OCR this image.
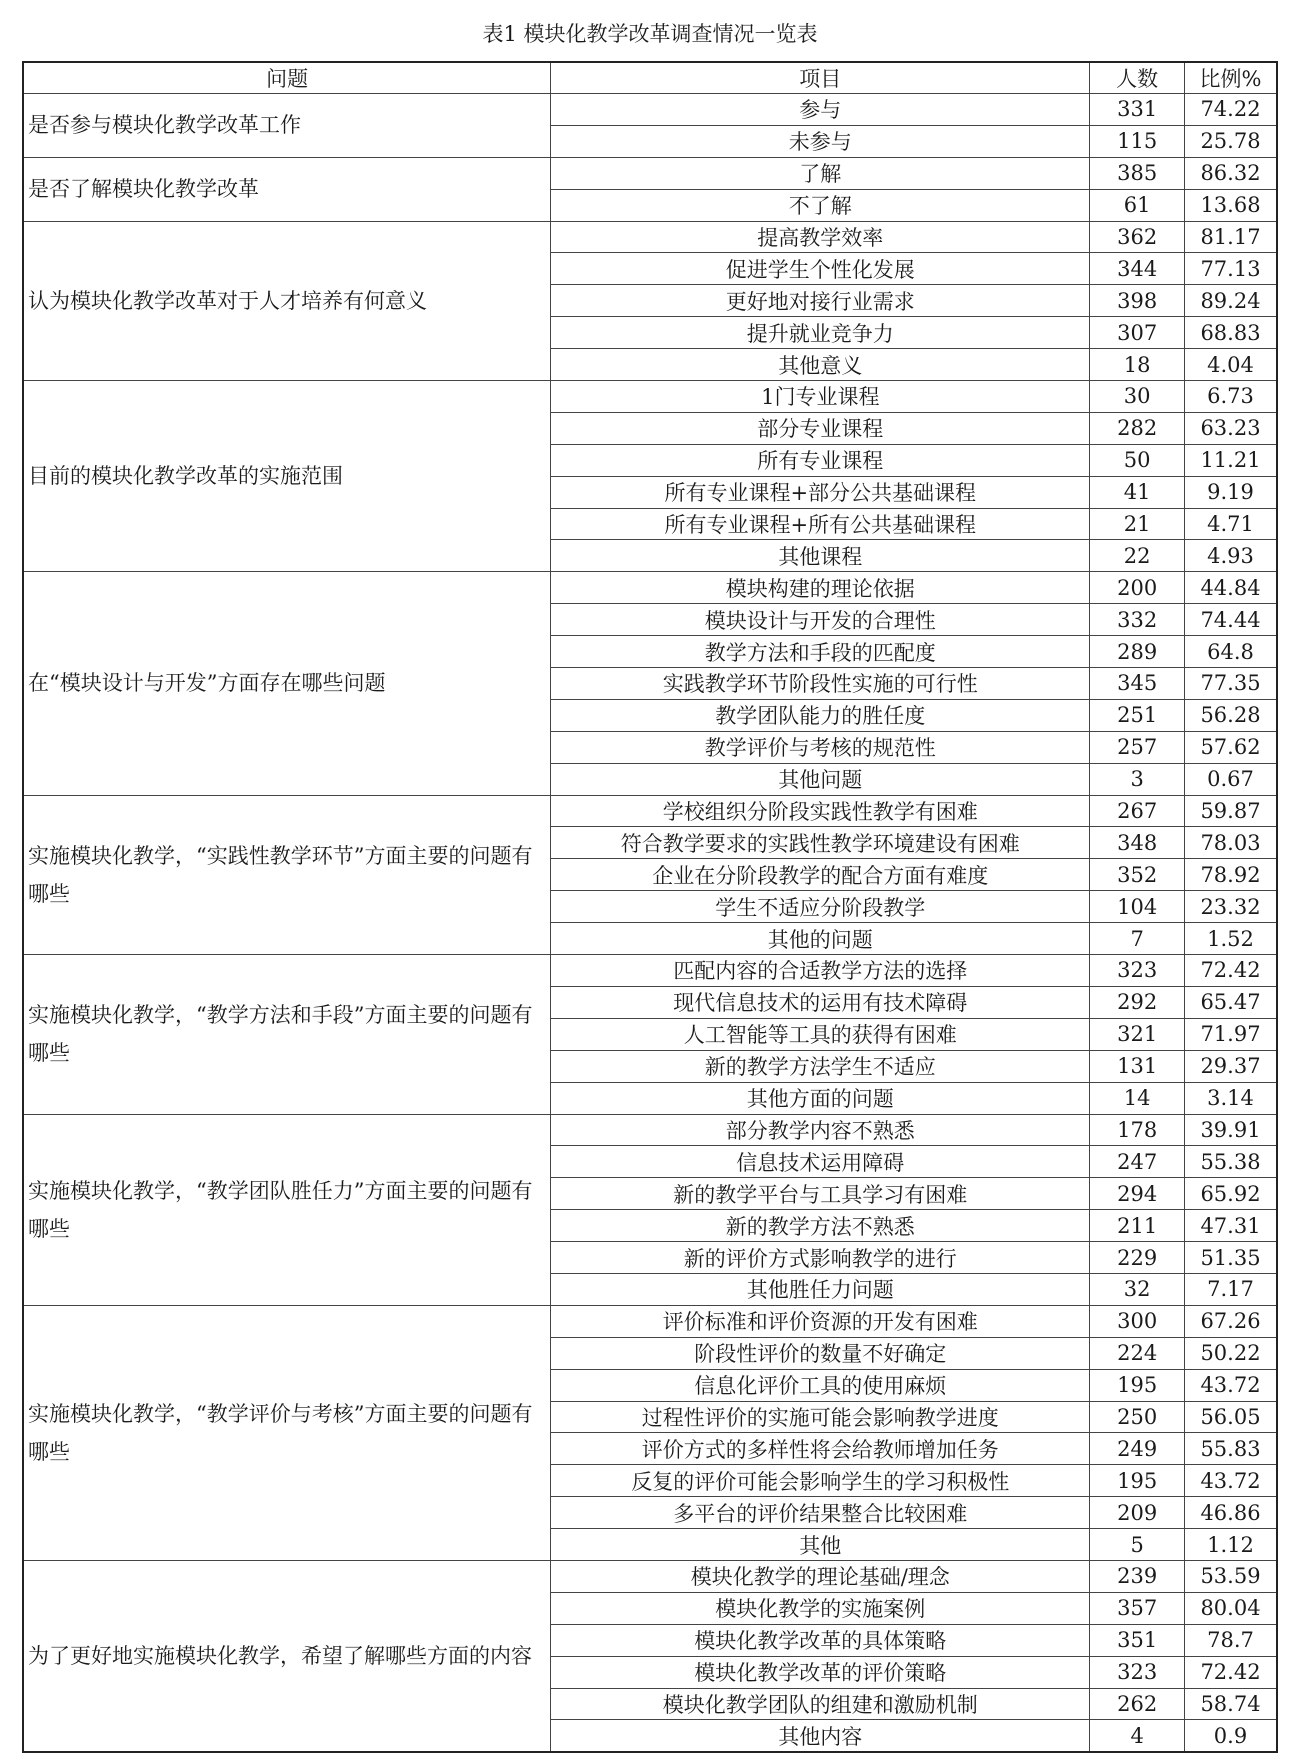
表1 模块化教学改革调查情况一览表
问题	项目	人数	比例%
是否参与模块化教学改革工作	参与	331	74.22
	未参与	115	25.78
是否了解模块化教学改革	了解	385	86.32
	不了解	61	13.68
认为模块化教学改革对于人才培养有何意义	提高教学效率	362	81.17
	促进学生个性化发展	344	77.13
	更好地对接行业需求	398	89.24
	提升就业竞争力	307	68.83
	其他意义	18	4.04
目前的模块化教学改革的实施范围	1门专业课程	30	6.73
	部分专业课程	282	63.23
	所有专业课程	50	11.21
	所有专业课程+部分公共基础课程	41	9.19
	所有专业课程+所有公共基础课程	21	4.71
	其他课程	22	4.93
在“模块设计与开发”方面存在哪些问题	模块构建的理论依据	200	44.84
	模块设计与开发的合理性	332	74.44
	教学方法和手段的匹配度	289	64.8
	实践教学环节阶段性实施的可行性	345	77.35
	教学团队能力的胜任度	251	56.28
	教学评价与考核的规范性	257	57.62
	其他问题	3	0.67
实施模块化教学，“实践性教学环节”方面主要的问题有哪些	学校组织分阶段实践性教学有困难	267	59.87
	符合教学要求的实践性教学环境建设有困难	348	78.03
	企业在分阶段教学的配合方面有难度	352	78.92
	学生不适应分阶段教学	104	23.32
	其他的问题	7	1.52
实施模块化教学，“教学方法和手段”方面主要的问题有哪些	匹配内容的合适教学方法的选择	323	72.42
	现代信息技术的运用有技术障碍	292	65.47
	人工智能等工具的获得有困难	321	71.97
	新的教学方法学生不适应	131	29.37
	其他方面的问题	14	3.14
实施模块化教学，“教学团队胜任力”方面主要的问题有哪些	部分教学内容不熟悉	178	39.91
	信息技术运用障碍	247	55.38
	新的教学平台与工具学习有困难	294	65.92
	新的教学方法不熟悉	211	47.31
	新的评价方式影响教学的进行	229	51.35
	其他胜任力问题	32	7.17
实施模块化教学，“教学评价与考核”方面主要的问题有哪些	评价标准和评价资源的开发有困难	300	67.26
	阶段性评价的数量不好确定	224	50.22
	信息化评价工具的使用麻烦	195	43.72
	过程性评价的实施可能会影响教学进度	250	56.05
	评价方式的多样性将会给教师增加任务	249	55.83
	反复的评价可能会影响学生的学习积极性	195	43.72
	多平台的评价结果整合比较困难	209	46.86
	其他	5	1.12
为了更好地实施模块化教学，希望了解哪些方面的内容	模块化教学的理论基础/理念	239	53.59
	模块化教学的实施案例	357	80.04
	模块化教学改革的具体策略	351	78.7
	模块化教学改革的评价策略	323	72.42
	模块化教学团队的组建和激励机制	262	58.74
	其他内容	4	0.9
